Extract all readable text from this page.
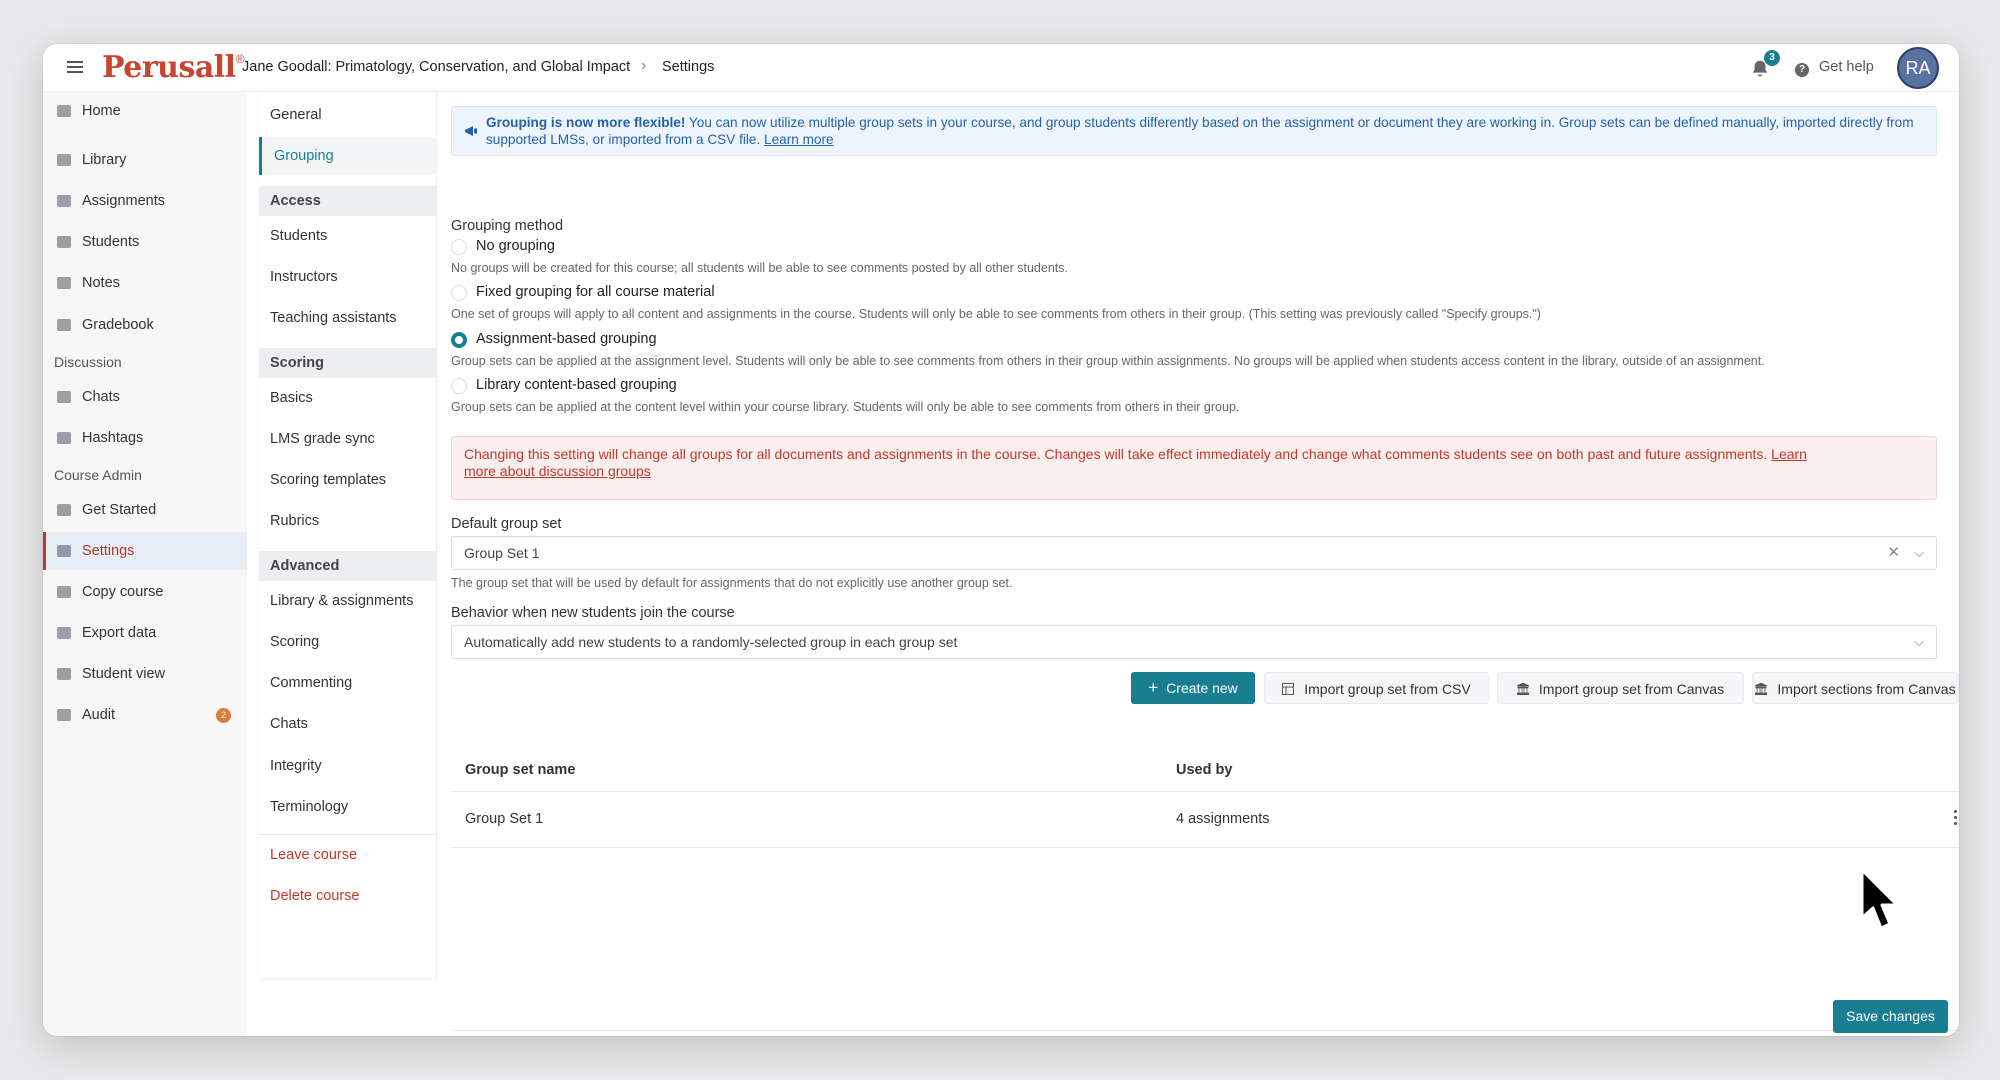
Perusall®
Jane Goodall: Primatology, Conservation, and Global Impact › Settings
3
? Get help	RA
Home
Library
Assignments
Students
Notes
Gradebook
Discussion
Chats
Hashtags
Course Admin
Get Started
Settings
Copy course
Export data
Student view
Audit	2
General
Grouping
Access
Students
Instructors
Teaching assistants
Scoring
Basics
LMS grade sync
Scoring templates
Rubrics
Advanced
Library & assignments
Scoring
Commenting
Chats
Integrity
Terminology
Leave course
Delete course
Grouping is now more flexible! You can now utilize multiple group sets in your course, and group students differently based on the assignment or document they are working in. Group sets can be defined manually, imported directly from supported LMSs, or imported from a CSV file. Learn more
Grouping method
No grouping
No groups will be created for this course; all students will be able to see comments posted by all other students.
Fixed grouping for all course material
One set of groups will apply to all content and assignments in the course. Students will only be able to see comments from others in their group. (This setting was previously called "Specify groups.")
Assignment-based grouping
Group sets can be applied at the assignment level. Students will only be able to see comments from others in their group within assignments. No groups will be applied when students access content in the library, outside of an assignment.
Library content-based grouping
Group sets can be applied at the content level within your course library. Students will only be able to see comments from others in their group.
Changing this setting will change all groups for all documents and assignments in the course. Changes will take effect immediately and change what comments students see on both past and future assignments. Learn
more about discussion groups
Default group set
Group Set 1	✕ ⌵
The group set that will be used by default for assignments that do not explicitly use another group set.
Behavior when new students join the course
Automatically add new students to a randomly-selected group in each group set	⌵
+ Create new	Import group set from CSV	Import group set from Canvas	Import sections from Canvas
Group set name	Used by
Group Set 1	4 assignments
Save changes
